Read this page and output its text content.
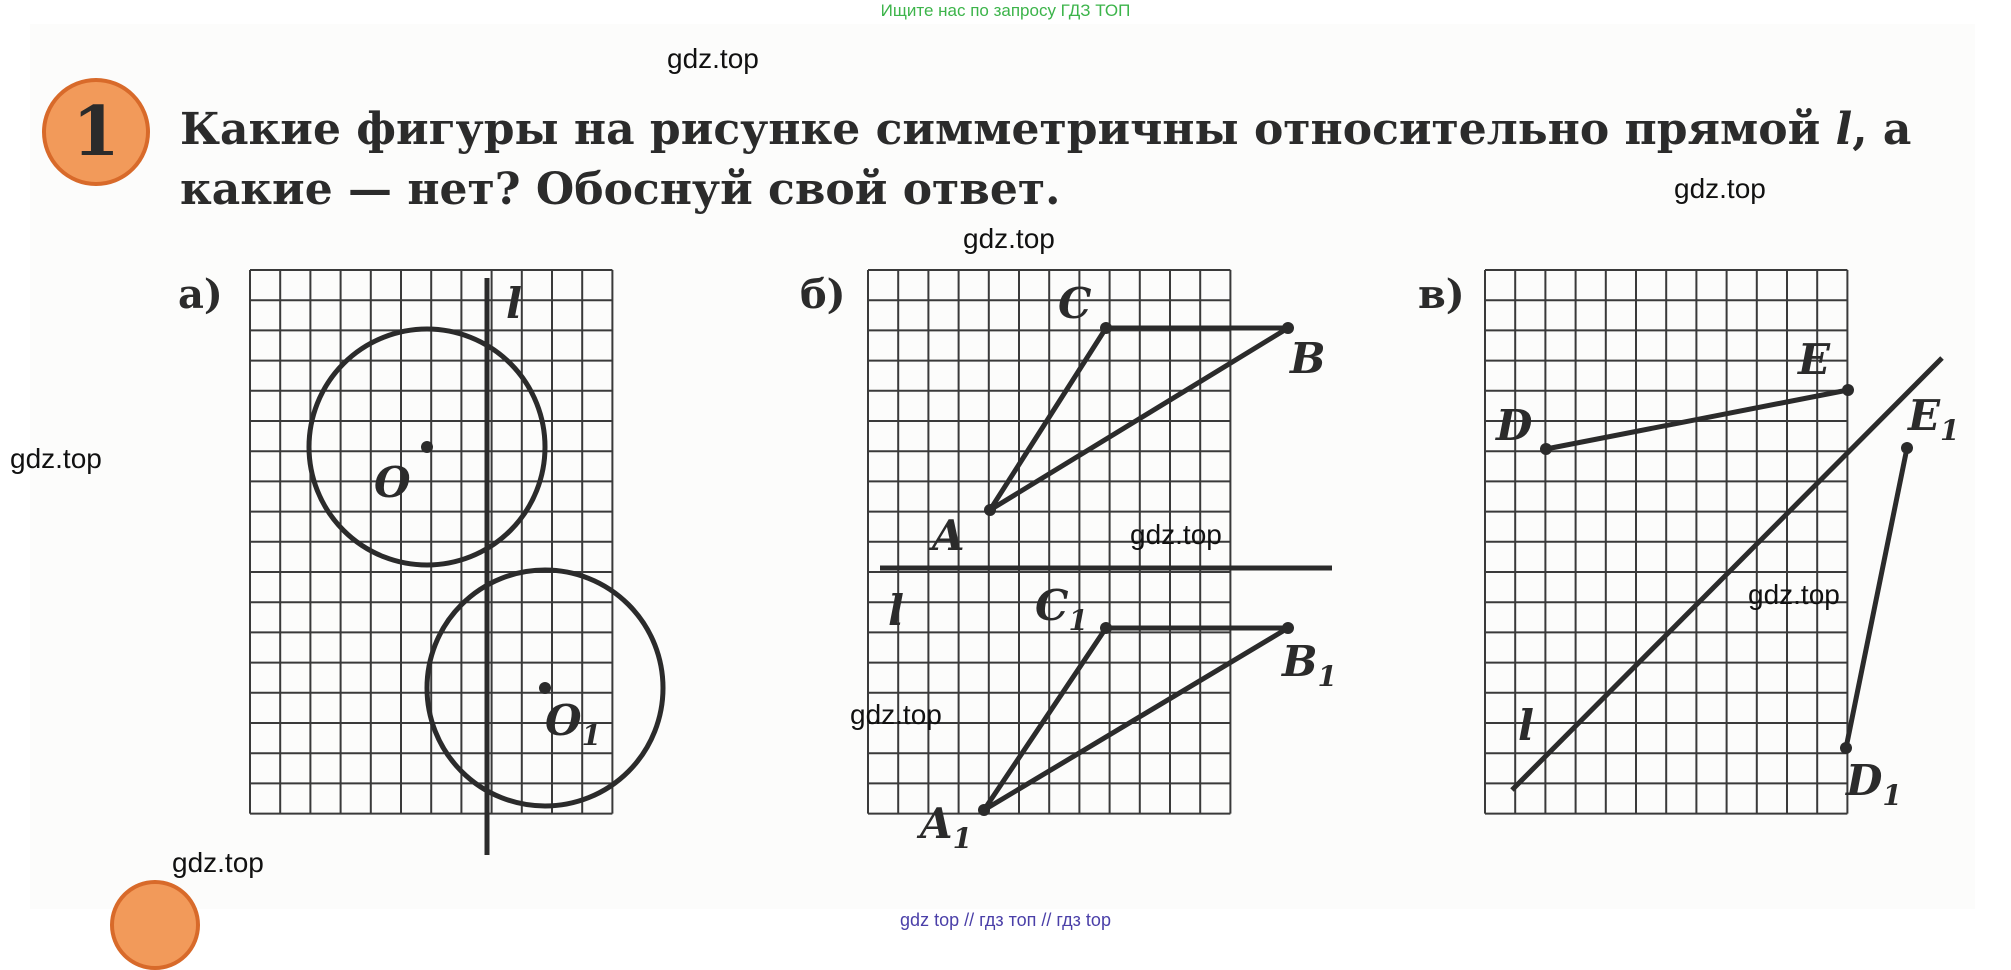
Ищите нас по запросу ГДЗ ТОП
1	Какие фигуры на рисунке симметричны относительно прямой l, а какие — нет? Обоснуй свой ответ.
а)	l
O
$O_1$
б)
l
C
B
A
$C_1$
$B_1$
$A_1$
в)
l
D
E
$E_1$
$D_1$
gdz.top
gdz.top
gdz.top
gdz.top
gdz.top
gdz.top
gdz.top
gdz.top
gdz top // гдз топ // гдз top
